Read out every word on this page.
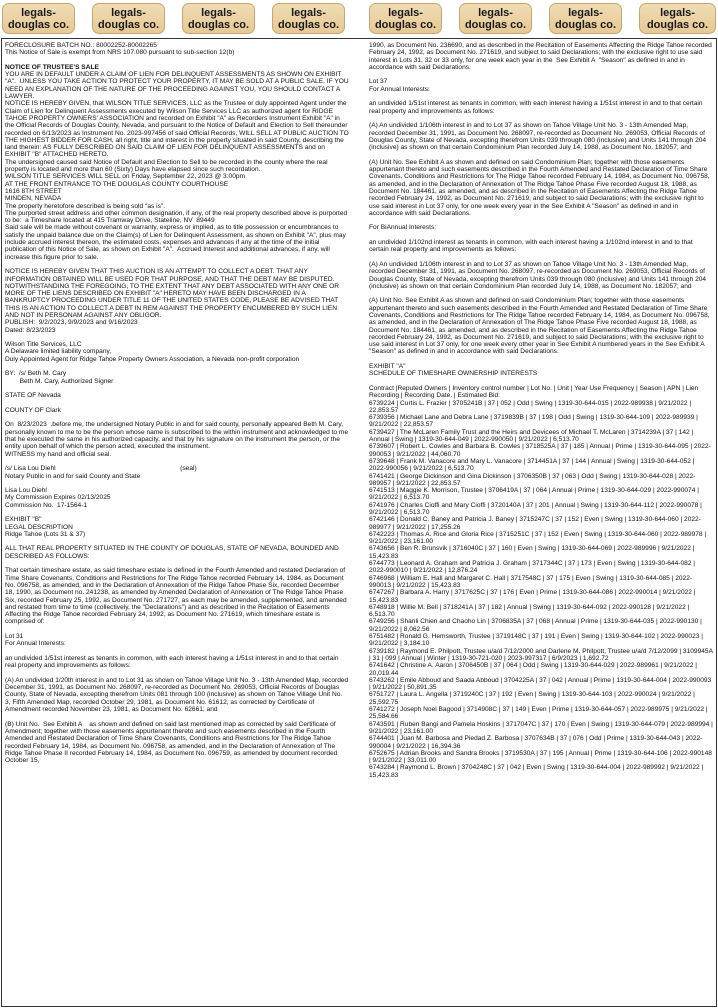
legals-
douglas co.
legals-
douglas co.
legals-
douglas co.
legals-
douglas co.
legals-
douglas co.
legals-
douglas co.
legals-
douglas co.
legals-
douglas co.

FORECLOSURE BATCH NO.: 80002252-80002265
This Notice of Sale is exempt from NRS 107.080 pursuant to sub-section 12(b)

NOTICE OF TRUSTEE'S SALE

YOU ARE IN DEFAULT UNDER A CLAIM OF LIEN FOR DELINQUENT ASSESSMENTS AS SHOWN ON EXHIBIT "A".  UNLESS YOU TAKE ACTION TO PROTECT YOUR PROPERTY, IT MAY BE SOLD AT A PUBLIC SALE. IF YOU NEED AN EXPLANATION OF THE NATURE OF THE PROCEEDING AGAINST YOU, YOU SHOULD CONTACT A LAWYER.
NOTICE IS HEREBY GIVEN, that WILSON TITLE SERVICES, LLC as the Trustee or duly appointed Agent under the Claim of Lien for Delinquent Assessments executed by Wilson Title Services LLC as authorized agent for RIDGE TAHOE PROPERTY OWNERS' ASSOCIATION and recorded on Exhibit "A" as Recorders Instrument Exhibit "A" in the Official Records of Douglas County, Nevada, and pursuant to the Notice of Default and Election to Sell thereunder recorded on 6/13/2023 as Instrument No. 2023-997456 of said Official Records, WILL SELL AT PUBLIC AUCTION TO THE HIGHEST BIDDER FOR CASH, all right, title and interest in the property situated in said County, describing the land therein: AS FULLY DESCRIBED ON SAID CLAIM OF LIEN FOR DELINQUENT ASSESSMENTS and on EXHIBIT "B" ATTACHED HERETO.
The undersigned caused said Notice of Default and Election to Sell to be recorded in the county where the real property is located and more than 60 (Sixty) Days have elapsed since such recordation.
WILSON TITLE SERVICES WILL SELL on Friday, September 22, 2023 @ 3:00pm
AT THE FRONT ENTRANCE TO THE DOUGLAS COUNTY COURTHOUSE
1616 8TH STREET
MINDEN, NEVADA
The property heretofore described is being sold "as is".
The purported street address and other common designation, if any, of the real property described above is purported to be:  a Timeshare located at 415 Tramway Drive, Stateline, NV  89449
Said sale will be made without covenant or warranty, express or implied, as to title possession or encumbrances to satisfy the unpaid balance due on the Claim(s) of Lien for Delinquent Assessment, as shown on Exhibit "A", plus may include accrued interest thereon, the estimated costs, expenses and advances if any at the time of the initial publication of this Notice of Sale, as shown on Exhibit "A".  Accrued Interest and additional advances, if any, will increase this figure prior to sale.

NOTICE IS HEREBY GIVEN THAT THIS AUCTION IS AN ATTEMPT TO COLLECT A DEBT. THAT ANY INFORMATION OBTAINED WILL BE USED FOR THAT PURPOSE, AND THAT THE DEBT MAY BE DISPUTED.  NOTWITHSTANDING THE FOREGOING, TO THE EXTENT THAT ANY DEBT ASSOCIATED WITH ANY ONE OR MORE OF THE LIENS DESCRIBED ON EXHIBIT "A" HERETO MAY HAVE BEEN DISCHARGED IN A BANKRUPTCY PROCEEDING UNDER TITLE 11 OF THE UNITED STATES CODE, PLEASE BE ADVISED THAT THIS IS AN ACTION TO COLLECT A DEBT IN REM AGAINST THE PROPERTY ENCUMBERED BY SUCH LIEN AND NOT IN PERSONAM AGAINST ANY OBLIGOR.
PUBLISH:  9/2/2023, 9/9/2023 and 9/16/2023
Dated: 8/23/2023

Wilson Title Services, LLC
A Delaware limited liability company,
Duly Appointed Agent for Ridge Tahoe Property Owners Association, a Nevada non-profit corporation

BY:  /s/ Beth M. Cary
Beth M. Cary, Authorized Signer

STATE OF Nevada

COUNTY OF Clark

On  8/23/2023  ,before me, the undersigned Notary Public in and for said county, personally appeared Beth M. Cary, personally known to me to be the person whose name is subscribed to the within instrument and acknowledged to me that he executed the same in his authorized capacity, and that by his signature on the instrument the person, or the entity upon behalf of which the person acted, executed the instrument.
WITNESS my hand and official seal.

/s/ Lisa Lou Diehl                                                                    (seal)
Notary Public in and for said County and State

Lisa Lou Diehl
My Commission Expires 02/13/2025
Commission No.  17-1564-1

EXHIBIT "B"
LEGAL DESCRIPTION
Ridge Tahoe (Lots 31 & 37)

ALL THAT REAL PROPERTY SITUATED IN THE COUNTY OF DOUGLAS, STATE OF NEVADA, BOUNDED AND DESCRIBED AS FOLLOWS:

That certain timeshare estate, as said timeshare estate is defined in the Fourth Amended and restated Declaration of Time Share Covenants, Conditions and Restrictions for The Ridge Tahoe recorded February 14, 1984, as Document No. 096758, as amended, and in the Declaration of Annexation of the Ridge Tahoe Phase Six, recorded December 18, 1990, as Document no. 241238, as amended by Amended Declaration of Annexation of The Ridge Tahoe Phase Six, recorded February 25, 1992, as Document No. 271727, as each may be amended, supplemented, and amended and restated from time to time (collectively, the "Declarations") and as described in the Recitation of Easements Affecting the Ridge Tahoe recorded February 24, 1992, as Document No. 271619, which timeshare estate is comprised of:

Lot 31
For Annual Interests:

an undivided 1/51st interest as tenants in common, with each interest having a 1/51st interest in and to that certain real property and improvements as follows:

(A) An undivided 1/20th interest in and to Lot 31 as shown on Tahoe Village Unit No. 3 - 13th Amended Map, recorded December 31, 1991, as Document No. 268097, re-recorded as Document No. 269053, Official Records of Douglas County, State of Nevada, excepting therefrom Units 081 through 100 (inclusive) as shown on Tahoe Village Unit No. 3, Fifth Amended Map, recorded October 29, 1981, as Document No. 61612, as corrected by Certificate of Amendment recorded November 23, 1981, as Document No. 62661; and

(B) Unit No.  See Exhibit A    as shown and defined on said last mentioned map as corrected by said Certificate of Amendment; together with those easements appurtenant thereto and such easements described in the Fourth Amended and Restated Declaration of Time Share Covenants, Conditions and Restrictions for The Ridge Tahoe recorded February 14, 1984, as Document No. 096758, as amended, and in the Declaration of Annexation of The Ridge Tahoe Phase II recorded February 14, 1984, as Document No. 096759, as amended by document recorded October 15,

1990, as Document No. 236690, and as described in the Recitation of Easements Affecting the Ridge Tahoe recorded February 24, 1992, as Document No. 271619, and subject to said Declarations; with the exclusive right to use said interest in Lots 31, 32 or 33 only, for one week each year in the  See Exhibit A  "Season" as defined in and in accordance with said Declarations.

Lot 37
For Annual Interests:

an undivided 1/51st interest as tenants in common, with each interest having a 1/51st interest in and to that certain real property and improvements as follows:

(A) An undivided 1/106th interest in and to Lot 37 as shown on Tahoe Village Unit No. 3 - 13th Amended Map, recorded December 31, 1991, as Document No. 268097, re-recorded as Document No. 269053, Official Records of Douglas County, State of Nevada, excepting therefrom Units 039 through 080 (inclusive) and Units 141 through 204 (inclusive) as shown on that certain Condominium Plan recorded July 14, 1988, as Document No. 182057; and

(A) Unit No. See Exhibit A as shown and defined on said Condominium Plan; together with those easements appurtenant thereto and such easements described in the Fourth Amended and Restated Declaration of Time Share Covenants, Conditions and Restrictions for The Ridge Tahoe recorded February 14, 1984, as Document No. 096758, as amended, and in the Declaration of Annexation of The Ridge Tahoe Phase Five recorded August 18, 1988, as Document No. 184461, as amended, and as described in the Recitation of Easements Affecting the Ridge Tahoe recorded February 24, 1992, as Document No. 271619, and subject to said Declarations; with the exclusive right to use said interest in Lot 37 only, for one week every year in the See Exhibit A "Season" as defined in and in accordance with said Declarations.

For BiAnnual Interests:

an undivided 1/102nd interest as tenants in common, with each interest having a 1/102nd interest in and to that certain real property and improvements as follows:

(A) An undivided 1/106th interest in and to Lot 37 as shown on Tahoe Village Unit No. 3 - 13th Amended Map, recorded December 31, 1991, as Document No. 268097, re-recorded as Document No. 269053, Official Records of Douglas County, State of Nevada, excepting therefrom Units 039 through 080 (inclusive) and Units 141 through 204 (inclusive) as shown on that certain Condominium Plan recorded July 14, 1988, as Document No. 182057; and

(A) Unit No. See Exhibit A as shown and defined on said Condominium Plan; together with those easements appurtenant thereto and such easements described in the Fourth Amended and Restated Declaration of Time Share Covenants, Conditions and Restrictions for The Ridge Tahoe recorded February 14, 1984, as Document No. 096758, as amended, and in the Declaration of Annexation of The Ridge Tahoe Phase Five recorded August 18, 1988, as Document No. 184461, as amended, and as described in the Recitation of Easements Affecting the Ridge Tahoe recorded February 24, 1992, as Document No. 271619, and subject to said Declarations; with the exclusive right to use said interest in Lot 37 only, for one week every other year in See Exhibit A numbered years in the See Exhibit A "Season" as defined in and in accordance with said Declarations.

EXHIBIT "A"
SCHEDULE OF TIMESHARE OWNERSHIP INTERESTS

Contract |Reputed Owners | Inventory control number | Lot No. | Unit | Year Use Frequency | Season | APN | Lien Recording | Recording Date. | Estimated Bid:

6739224 | Curtis L. Frazier | 3705241B | 37 | 052 | Odd | Swing | 1319-30-644-015 | 2022-989938 | 9/21/2022 | 22,853.57
6739356 | Michael Lane and Debra Lane | 3719839B | 37 | 198 | Odd | Swing | 1319-30-644-109 | 2022-989939 | 9/21/2022 | 22,853.57
6739427 | The McLaren Family Trust and the Heirs and Devicees of Michael T. McLaren | 3714239A | 37 | 142 | Annual | Swing | 1319-30-644-049 | 2022-990050 | 9/21/2022 | 6,513.70
6739607 | Robert L. Cowles and Barbara B. Cowles | 3718525A | 37 | 185 | Annual | Prime | 1319-30-644-095 | 2022-990053 | 9/21/2022 | 44,060.70
6739648 | Frank M. Vanacore and Mary L. Vanacore | 3714451A | 37 | 144 | Annual | Swing | 1319-30-644-052 | 2022-990056 | 9/21/2022 | 6,513.70
6741421 | George Dickinson and Gina Dickinson | 3706350B | 37 | 063 | Odd | Swing | 1319-30-644-028 | 2022-989957 | 9/21/2022 | 22,853.57
6741513 | Maggie K. Morrison, Trustee | 3706419A | 37 | 064 | Annual | Prime | 1319-30-644-029 | 2022-990074 | 9/21/2022 | 6,513.70
6741976 | Charles Cioffi and Mary Cioffi | 3720140A | 37 | 201 | Annual | Swing | 1319-30-644-112 | 2022-990078 | 9/21/2022 | 6,513.70
6742146 | Donald C. Baney and Patricia J. Baney | 3715247C | 37 | 152 | Even | Swing | 1319-30-644-060 | 2022-989977 | 9/21/2022 | 17,255.26
6742223 | Thomas A. Rice and Gloria Rice | 3715251C | 37 | 152 | Even | Swing | 1319-30-644-060 | 2022-989978 | 9/21/2022 | 23,161.00
6743656 | Ben R. Brunsvik | 3716040C | 37 | 160 | Even | Swing | 1319-30-644-069 | 2022-989996 | 9/21/2022 | 15,423.83
6744773 | Leonard A. Graham and Patricia J. Graham | 3717344C | 37 | 173 | Even | Swing | 1319-30-644-082 | 2022-990010 | 9/21/2022 | 12,876.24
6746968 | William E. Hall and Margaret C. Hall | 3717548C | 37 | 175 | Even | Swing | 1319-30-644-085 | 2022-990013 | 9/21/2022 | 15,423.83
6747267 | Barbara A. Harry | 3717625C | 37 | 176 | Even | Prime | 1319-30-644-086 | 2022-990014 | 9/21/2022 | 15,423.83
6748918 | Willie M. Bell | 3718241A | 37 | 182 | Annual | Swing | 1319-30-644-092 | 2022-990128 | 9/21/2022 | 6,513.70
6749256 | Shanli Chien and Chaoho Lin | 3706835A | 37 | 068 | Annual | Prime | 1319-30-644-035 | 2022-990130 | 9/21/2022 | 8,062.56
6751482 | Ronald G. Hemsworth, Trustee | 3719148C | 37 | 191 | Even | Swing | 1319-30-644-102 | 2022-990023 | 9/21/2022 | 3,184.10
6739182 | Raymond E. Philpott, Trustee u/a/d 7/12/2000 and Darlene M. Philpott, Trustee u/a/d 7/12/2099 | 3109945A | 31 | 099 | Annual | Winter | 1319-30-721-020 | 2023-997317 | 6/9/2023 | 1,692.72
6741642 | Christine A. Aaron | 3706450B | 37 | 064 | Odd | Swing | 1319-30-644-029 | 2022-989961 | 9/21/2022 | 20,019.44
6743262 | Emile Abboud and Saada Abboud | 3704225A | 37 | 042 | Annual | Prime | 1319-30-644-004 | 2022-990093 | 9/21/2022 | 50,891.35
6751727 | Laura L. Angella | 3719240C | 37 | 192 | Even | Swing | 1319-30-644-103 | 2022-990024 | 9/21/2022 | 25,592.75
6741272 | Joseph Noel Bagood | 3714908C | 37 | 149 | Even | Prime | 1319-30-644-057 | 2022-989975 | 9/21/2022 | 25,584.66
6743591 | Ruben Bangi and Pamela Hoskins | 3717047C | 37 | 170 | Even | Swing | 1319-30-644-079 | 2022-989994 | 9/21/2022 | 23,161.00
6744401 | Juan M. Barbosa and Piedad Z. Barbosa | 3707634B | 37 | 076 | Odd | Prime | 1319-30-644-043 | 2022-990004 | 9/21/2022 | 16,394.36
6752675 | Adrian Brooks and Sandra Brooks | 3719530A | 37 | 195 | Annual | Prime | 1319-30-644-106 | 2022-990148 | 9/21/2022 | 33,011.00
6743284 | Raymond L. Brown | 3704248C | 37 | 042 | Even | Swing | 1319-30-644-004 | 2022-989992 | 9/21/2022 | 15,423.83
